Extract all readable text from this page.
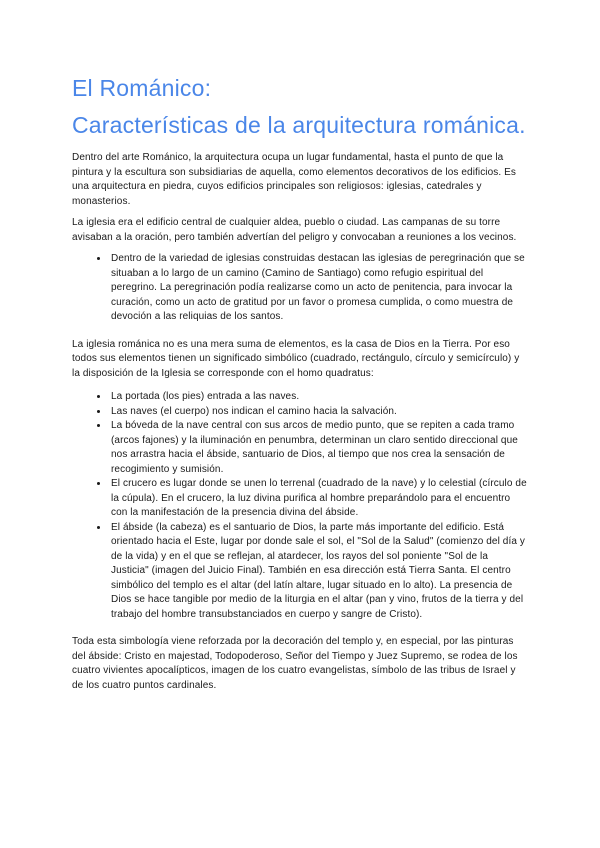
El Románico:
Características de la arquitectura románica.

Dentro del arte Románico, la arquitectura ocupa un lugar fundamental, hasta el punto de que la pintura y la escultura son subsidiarias de aquella, como elementos decorativos de los edificios. Es una arquitectura en piedra, cuyos edificios principales son religiosos: iglesias, catedrales y monasterios.

La iglesia era el edificio central de cualquier aldea, pueblo o ciudad. Las campanas de su torre avisaban a la oración, pero también advertían del peligro y convocaban a reuniones a los vecinos.

• Dentro de la variedad de iglesias construidas destacan las iglesias de peregrinación que se situaban a lo largo de un camino (Camino de Santiago) como refugio espiritual del peregrino. La peregrinación podía realizarse como un acto de penitencia, para invocar la curación, como un acto de gratitud por un favor o promesa cumplida, o como muestra de devoción a las reliquias de los santos.

La iglesia románica no es una mera suma de elementos, es la casa de Dios en la Tierra. Por eso todos sus elementos tienen un significado simbólico (cuadrado, rectángulo, círculo y semicírculo) y la disposición de la Iglesia se corresponde con el homo quadratus:

• La portada (los pies) entrada a las naves.
• Las naves (el cuerpo) nos indican el camino hacia la salvación.
• La bóveda de la nave central con sus arcos de medio punto, que se repiten a cada tramo (arcos fajones) y la iluminación en penumbra, determinan un claro sentido direccional que nos arrastra hacia el ábside, santuario de Dios, al tiempo que nos crea la sensación de recogimiento y sumisión.
• El crucero es lugar donde se unen lo terrenal (cuadrado de la nave) y lo celestial (círculo de la cúpula). En el crucero, la luz divina purifica al hombre preparándolo para el encuentro con la manifestación de la presencia divina del ábside.
• El ábside (la cabeza) es el santuario de Dios, la parte más importante del edificio. Está orientado hacia el Este, lugar por donde sale el sol, el "Sol de la Salud" (comienzo del día y de la vida) y en el que se reflejan, al atardecer, los rayos del sol poniente "Sol de la Justicia" (imagen del Juicio Final). También en esa dirección está Tierra Santa. El centro simbólico del templo es el altar (del latín altare, lugar situado en lo alto). La presencia de Dios se hace tangible por medio de la liturgia en el altar (pan y vino, frutos de la tierra y del trabajo del hombre transubstanciados en cuerpo y sangre de Cristo).

Toda esta simbología viene reforzada por la decoración del templo y, en especial, por las pinturas del ábside: Cristo en majestad, Todopoderoso, Señor del Tiempo y Juez Supremo, se rodea de los cuatro vivientes apocalípticos, imagen de los cuatro evangelistas, símbolo de las tribus de Israel y de los cuatro puntos cardinales.
